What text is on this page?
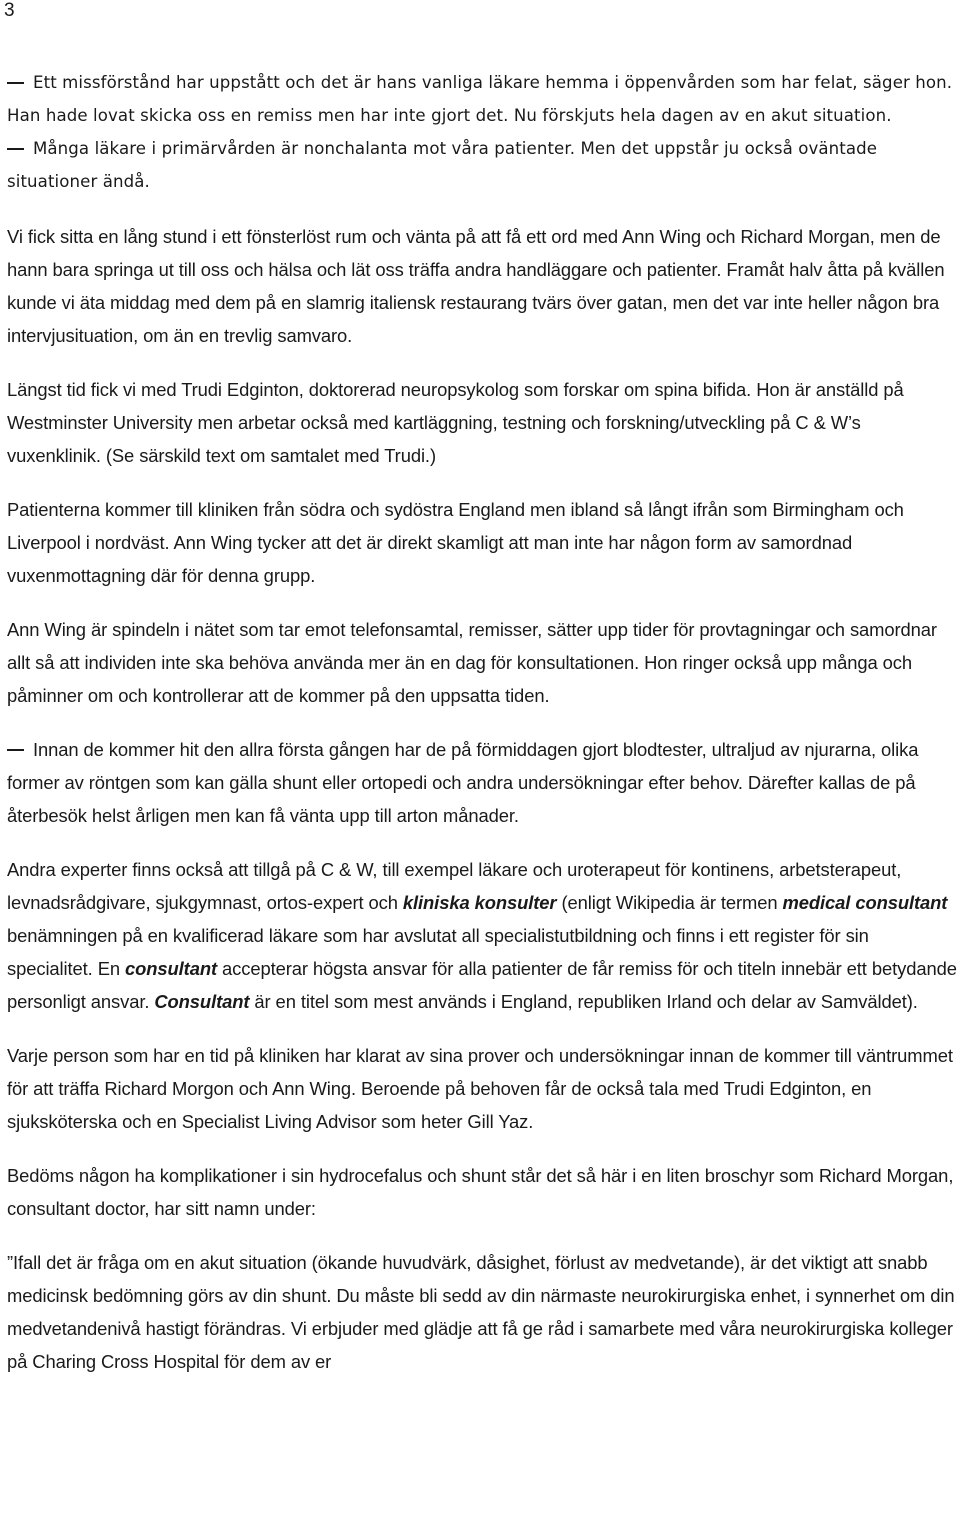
3

Ett missförstånd har uppstått och det är hans vanliga läkare hemma i öppenvården som har felat, säger hon. Han hade lovat skicka oss en remiss men har inte gjort det. Nu förskjuts hela dagen av en akut situation.

Många läkare i primärvården är nonchalanta mot våra patienter. Men det uppstår ju också oväntade situationer ändå.

Vi fick sitta en lång stund i ett fönsterlöst rum och vänta på att få ett ord med Ann Wing och Richard Morgan, men de hann bara springa ut till oss och hälsa och lät oss träffa andra handläggare och patienter. Framåt halv åtta på kvällen kunde vi äta middag med dem på en slamrig italiensk restaurang tvärs över gatan, men det var inte heller någon bra intervjusituation, om än en trevlig samvaro.

Längst tid fick vi med Trudi Edginton, doktorerad neuropsykolog som forskar om spina bifida. Hon är anställd på Westminster University men arbetar också med kartläggning, testning och forskning/utveckling på C & W’s vuxenklinik. (Se särskild text om samtalet med Trudi.)

Patienterna kommer till kliniken från södra och sydöstra England men ibland så långt ifrån som Birmingham och Liverpool i nordväst. Ann Wing tycker att det är direkt skamligt att man inte har någon form av samordnad vuxenmottagning där för denna grupp.

Ann Wing är spindeln i nätet som tar emot telefonsamtal, remisser, sätter upp tider för provtagningar och samordnar allt så att individen inte ska behöva använda mer än en dag för konsultationen. Hon ringer också upp många och påminner om och kontrollerar att de kommer på den uppsatta tiden.

Innan de kommer hit den allra första gången har de på förmiddagen gjort blodtester, ultraljud av njurarna, olika former av röntgen som kan gälla shunt eller ortopedi och andra undersökningar efter behov. Därefter kallas de på återbesök helst årligen men kan få vänta upp till arton månader.

Andra experter finns också att tillgå på C & W, till exempel läkare och uroterapeut för kontinens, arbetsterapeut, levnadsrådgivare, sjukgymnast, ortos-expert och kliniska konsulter (enligt Wikipedia är termen medical consultant benämningen på en kvalificerad läkare som har avslutat all specialistutbildning och finns i ett register för sin specialitet. En consultant accepterar högsta ansvar för alla patienter de får remiss för och titeln innebär ett betydande personligt ansvar. Consultant är en titel som mest används i England, republiken Irland och delar av Samväldet).

Varje person som har en tid på kliniken har klarat av sina prover och undersökningar innan de kommer till väntrummet för att träffa Richard Morgon och Ann Wing. Beroende på behoven får de också tala med Trudi Edginton, en sjuksköterska och en Specialist Living Advisor som heter Gill Yaz.

Bedöms någon ha komplikationer i sin hydrocefalus och shunt står det så här i en liten broschyr som Richard Morgan, consultant doctor, har sitt namn under:

”Ifall det är fråga om en akut situation (ökande huvudvärk, dåsighet, förlust av medvetande), är det viktigt att snabb medicinsk bedömning görs av din shunt. Du måste bli sedd av din närmaste neurokirurgiska enhet, i synnerhet om din medvetandenivå hastigt förändras. Vi erbjuder med glädje att få ge råd i samarbete med våra neurokirurgiska kolleger på Charing Cross Hospital för dem av er
